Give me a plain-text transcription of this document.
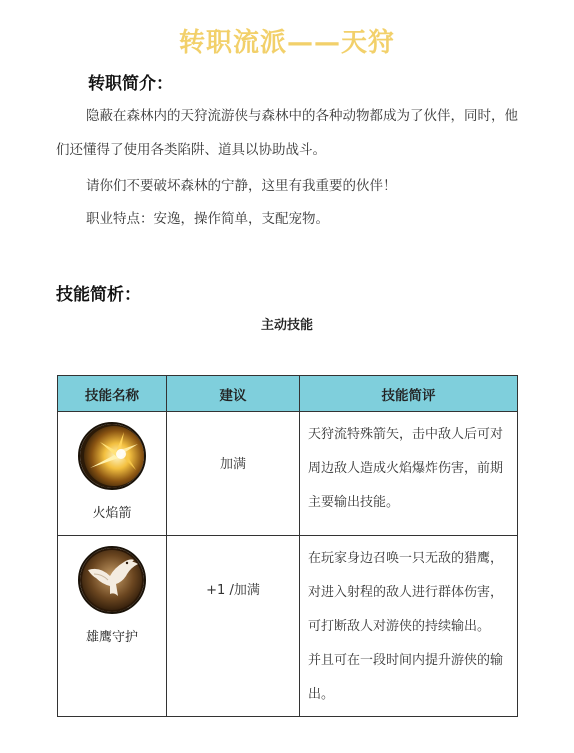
转职流派——天狩
转职简介：
隐蔽在森林内的天狩流游侠与森林中的各种动物都成为了伙伴，同时，他
们还懂得了使用各类陷阱、道具以协助战斗。
请你们不要破坏森林的宁静，这里有我重要的伙伴！
职业特点：安逸，操作简单，支配宠物。
技能简析：
主动技能
技能名称	建议	技能简评

火焰箭	加满	天狩流特殊箭矢，击中敌人后可对
周边敌人造成火焰爆炸伤害，前期
主要输出技能。

雄鹰守护	+1 /加满	在玩家身边召唤一只无敌的猎鹰，
对进入射程的敌人进行群体伤害，
可打断敌人对游侠的持续输出。
并且可在一段时间内提升游侠的输
出。
